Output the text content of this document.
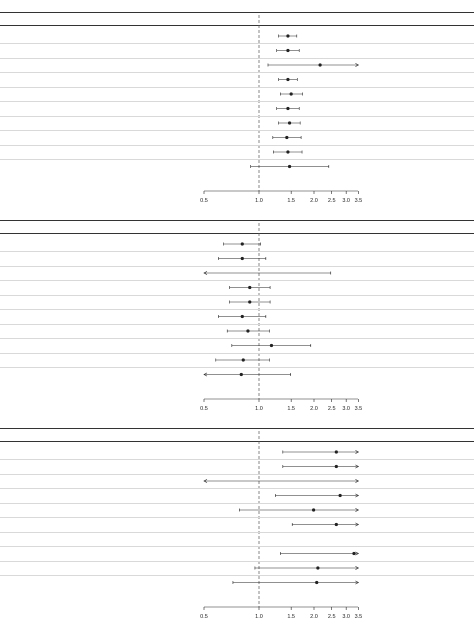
0.5	1.0	1.5	2.0 2.5 3.0 3.5
0.5	1.0	1.5	2.0 2.5 3.0 3.5
0.5	1.0	1.5	2.0 2.5 3.0 3.5
